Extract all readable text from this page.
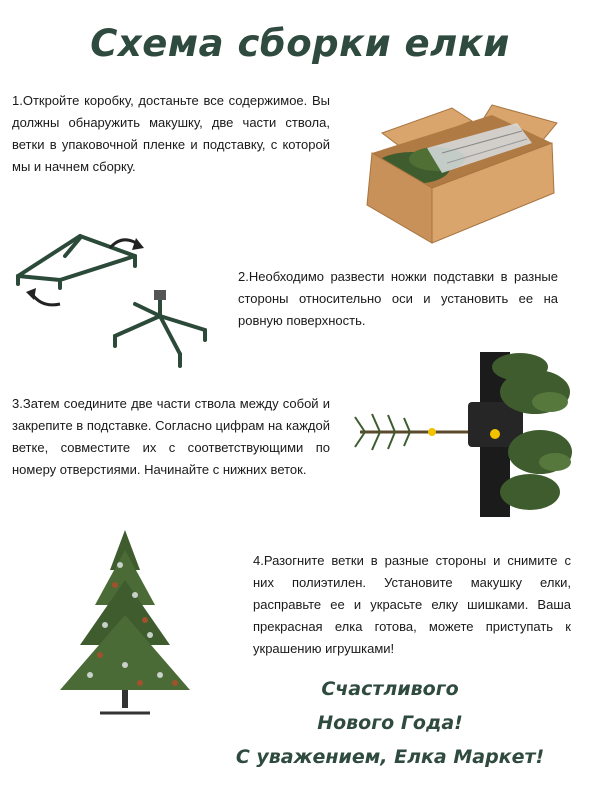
Схема сборки елки
1.Откройте коробку, достаньте все содержимое. Вы должны обнаружить макушку, две части ствола, ветки в упаковочной пленке и подставку, с которой мы и начнем сборку.
2.Необходимо развести ножки подставки в разные стороны относительно оси и установить ее на ровную поверхность.
3.Затем соедините две части ствола между собой и закрепите в подставке. Согласно цифрам на каждой ветке, совместите их с соответствующими по номеру отверстиями. Начинайте с нижних веток.
4.Разогните ветки в разные стороны и снимите с них полиэтилен. Установите макушку елки, расправьте ее и украсьте елку шишками. Ваша прекрасная елка готова, можете приступать к украшению игрушками!
Счастливого
Нового Года!
С уважением, Елка Маркет!
